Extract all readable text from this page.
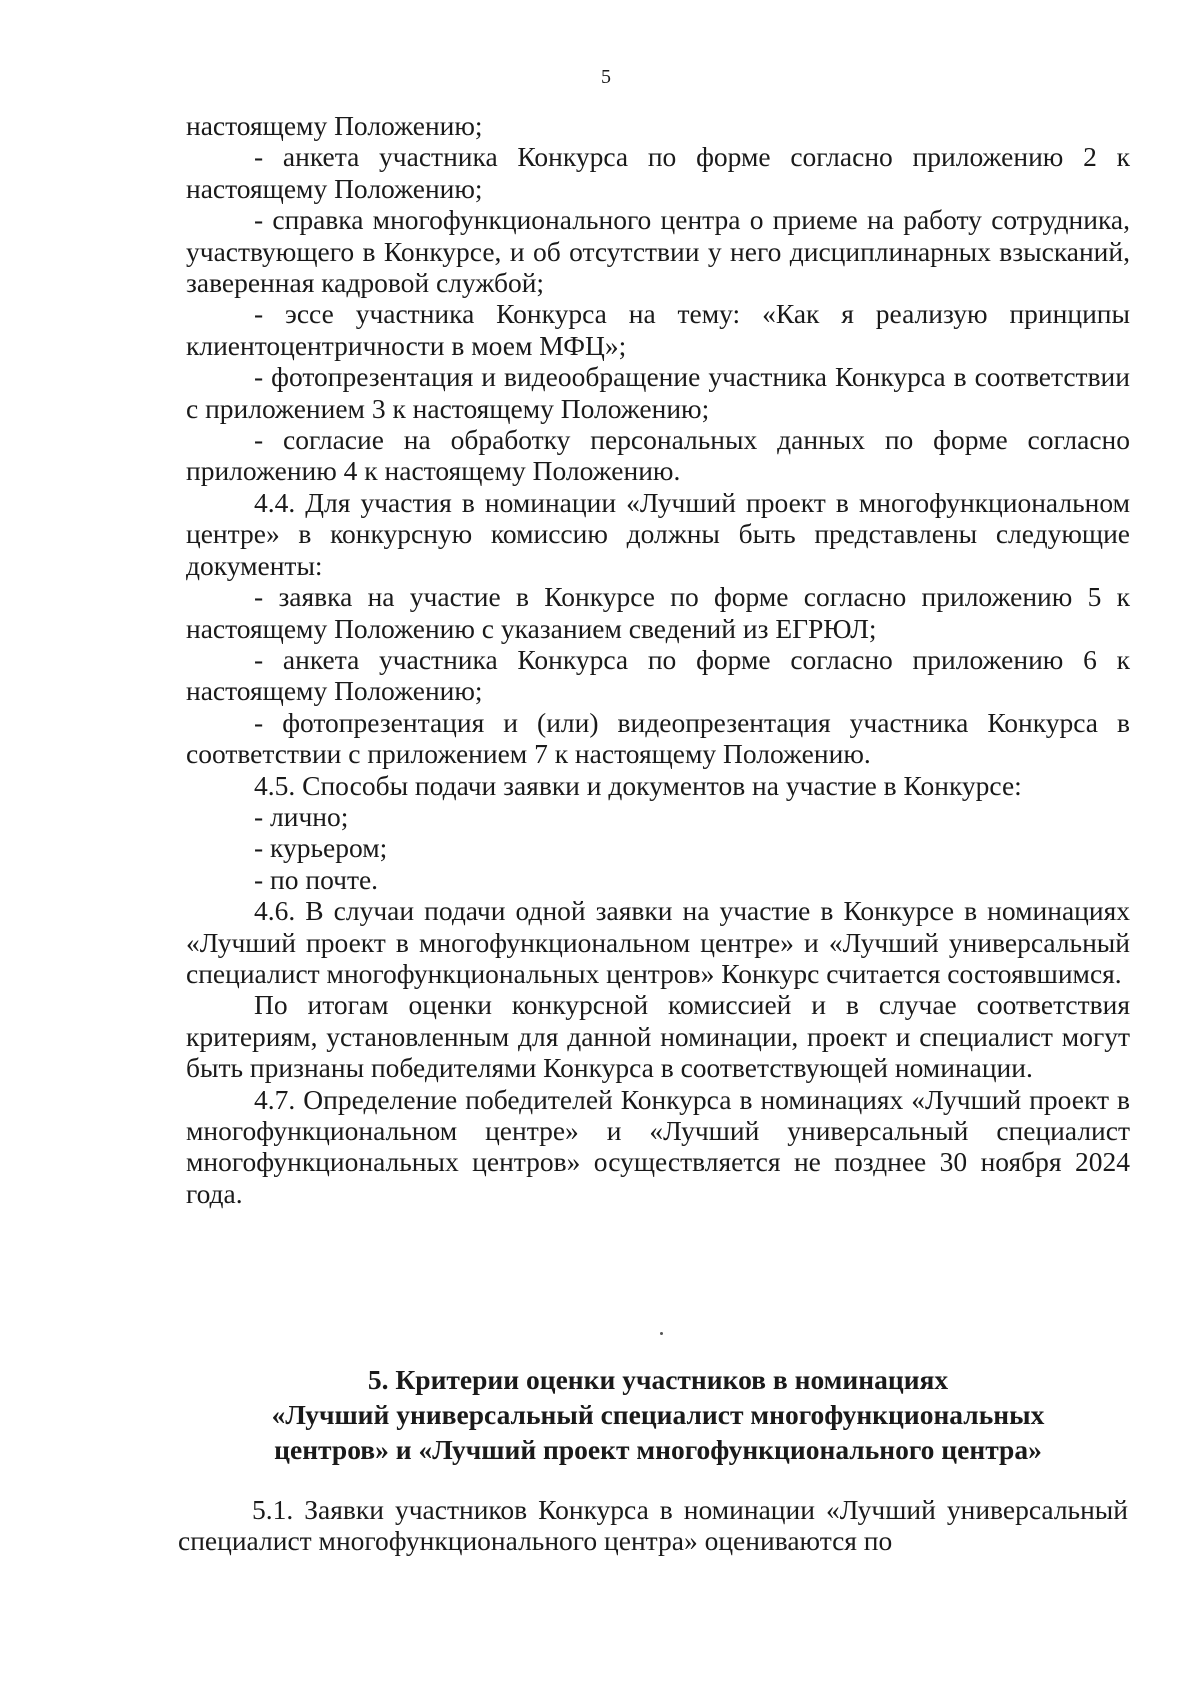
5

настоящему Положению;

- анкета участника Конкурса по форме согласно приложению 2 к настоящему Положению;

- справка многофункционального центра о приеме на работу сотрудника, участвующего в Конкурсе, и об отсутствии у него дисциплинарных взысканий, заверенная кадровой службой;

- эссе участника Конкурса на тему: «Как я реализую принципы клиентоцентричности в моем МФЦ»;

- фотопрезентация и видеообращение участника Конкурса в соответствии с приложением 3 к настоящему Положению;

- согласие на обработку персональных данных по форме согласно приложению 4 к настоящему Положению.

4.4. Для участия в номинации «Лучший проект в многофункциональном центре» в конкурсную комиссию должны быть представлены следующие документы:

- заявка на участие в Конкурсе по форме согласно приложению 5 к настоящему Положению с указанием сведений из ЕГРЮЛ;

- анкета участника Конкурса по форме согласно приложению 6 к настоящему Положению;

- фотопрезентация и (или) видеопрезентация участника Конкурса в соответствии с приложением 7 к настоящему Положению.

4.5. Способы подачи заявки и документов на участие в Конкурсе:

- лично;

- курьером;

- по почте.

4.6. В случаи подачи одной заявки на участие в Конкурсе в номинациях «Лучший проект в многофункциональном центре» и «Лучший универсальный специалист многофункциональных центров» Конкурс считается состоявшимся.

По итогам оценки конкурсной комиссией и в случае соответствия критериям, установленным для данной номинации, проект и специалист могут быть признаны победителями Конкурса в соответствующей номинации.

4.7. Определение победителей Конкурса в номинациях «Лучший проект в многофункциональном центре» и «Лучший универсальный специалист многофункциональных центров» осуществляется не позднее 30 ноября 2024 года.

5. Критерии оценки участников в номинациях
«Лучший универсальный специалист многофункциональных
центров» и «Лучший проект многофункционального центра»

5.1. Заявки участников Конкурса в номинации «Лучший универсальный специалист многофункционального центра» оцениваются по
